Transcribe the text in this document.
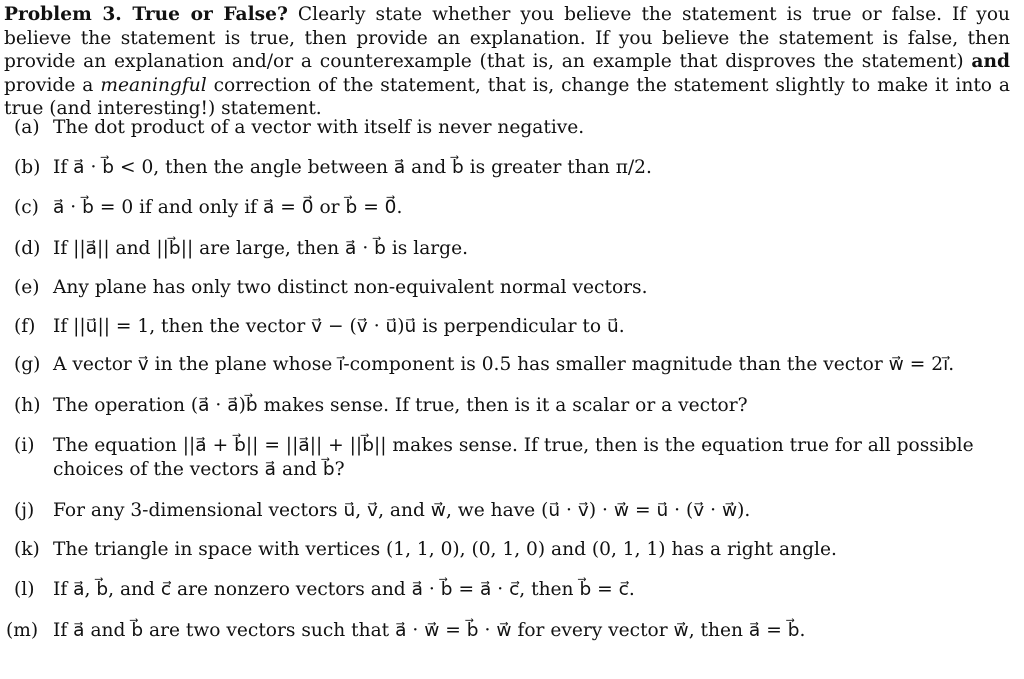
Problem 3. True or False? Clearly state whether you believe the statement is true or false. If you believe the statement is true, then provide an explanation. If you believe the statement is false, then provide an explanation and/or a counterexample (that is, an example that disproves the statement) and provide a meaningful correction of the statement, that is, change the statement slightly to make it into a true (and interesting!) statement.
(a) The dot product of a vector with itself is never negative.
(b) If a⃗ · b⃗ < 0, then the angle between a⃗ and b⃗ is greater than π/2.
(c) a⃗ · b⃗ = 0 if and only if a⃗ = 0⃗ or b⃗ = 0⃗.
(d) If ||a⃗|| and ||b⃗|| are large, then a⃗ · b⃗ is large.
(e) Any plane has only two distinct non-equivalent normal vectors.
(f) If ||u⃗|| = 1, then the vector v⃗ − (v⃗ · u⃗)u⃗ is perpendicular to u⃗.
(g) A vector v⃗ in the plane whose i⃗-component is 0.5 has smaller magnitude than the vector w⃗ = 2i⃗.
(h) The operation (a⃗ · a⃗)b⃗ makes sense. If true, then is it a scalar or a vector?
(i) The equation ||a⃗ + b⃗|| = ||a⃗|| + ||b⃗|| makes sense. If true, then is the equation true for all possible choices of the vectors a⃗ and b⃗?
(j) For any 3-dimensional vectors u⃗, v⃗, and w⃗, we have (u⃗ · v⃗) · w⃗ = u⃗ · (v⃗ · w⃗).
(k) The triangle in space with vertices (1, 1, 0), (0, 1, 0) and (0, 1, 1) has a right angle.
(l) If a⃗, b⃗, and c⃗ are nonzero vectors and a⃗ · b⃗ = a⃗ · c⃗, then b⃗ = c⃗.
(m) If a⃗ and b⃗ are two vectors such that a⃗ · w⃗ = b⃗ · w⃗ for every vector w⃗, then a⃗ = b⃗.
